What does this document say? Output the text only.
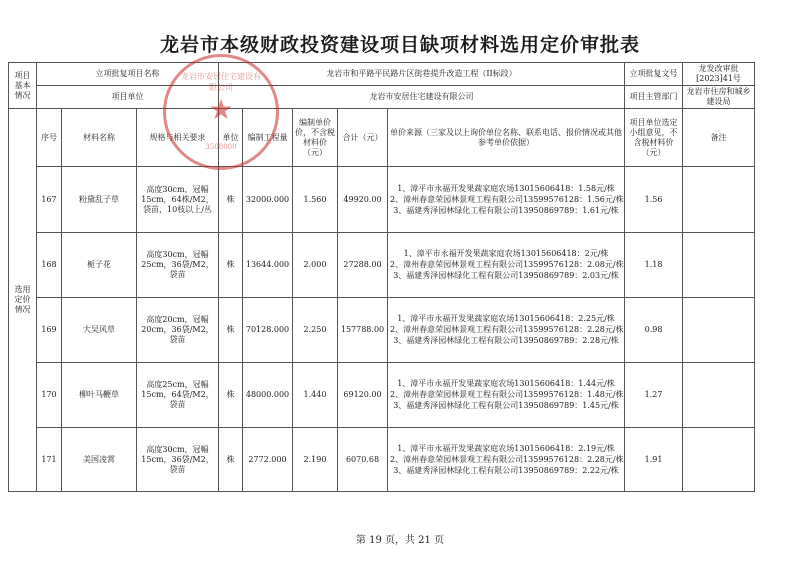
龙岩市本级财政投资建设项目缺项材料选用定价审批表
项目基本情况	立项批复项目名称			龙岩市和平路平民路片区街巷提升改造工程（II标段）					立项批复文号	龙发改审批[2023]41号
	项目单位			龙岩市安居住宅建设有限公司					项目主管部门	龙岩市住房和城乡建设局
选用定价情况	序号	材料名称	规格与相关要求	单位	编制工程量	编制单价价，不含税材料价（元）	合计（元）	单价来源（三家及以上询价单位名称、联系电话、报价情况或其他参考单价依据）	项目单位选定小组意见，不含税材料价（元）	备注
	167	粉黛乱子草	高度30cm，冠幅15cm，64株/M2，袋苗，10枝以上/丛	株	32000.000	1.560	49920.00	1、漳平市永福开发果蔬家庭农场13015606418：1.58元/株
2、漳州春意荣园林景观工程有限公司13599576128：1.56元/株
3、福建秀泽园林绿化工程有限公司13950869789：1.61元/株	1.56	
	168	栀子花	高度30cm，冠幅25cm，36袋/M2，袋苗	株	13644.000	2.000	27288.00	1、漳平市永福开发果蔬家庭农场13015606418：2元/株
2、漳州春意荣园林景观工程有限公司13599576128：2.08元/株
3、福建秀泽园林绿化工程有限公司13950869789：2.03元/株	1.18	
	169	大吴风草	高度20cm，冠幅20cm，36袋/M2，袋苗	株	70128.000	2.250	157788.00	1、漳平市永福开发果蔬家庭农场13015606418：2.25元/株
2、漳州春意荣园林景观工程有限公司13599576128：2.28元/株
3、福建秀泽园林绿化工程有限公司13950869789：2.28元/株	0.98	
	170	柳叶马鞭草	高度25cm，冠幅15cm，64袋/M2，袋苗	株	48000.000	1.440	69120.00	1、漳平市永福开发果蔬家庭农场13015606418：1.44元/株
2、漳州春意荣园林景观工程有限公司13599576128：1.48元/株
3、福建秀泽园林绿化工程有限公司13950869789：1.45元/株	1.27	
	171	美国凌霄	高度30cm，冠幅15cm，36袋/M2，袋苗	株	2772.000	2.190	6070.68	1、漳平市永福开发果蔬家庭农场13015606418：2.19元/株
2、漳州春意荣园林景观工程有限公司13599576128：2.28元/株
3、福建秀泽园林绿化工程有限公司13950869789：2.22元/株	1.91	
龙岩市安居住宅建设有限公司
★
3508000
第 19 页，共 21 页
